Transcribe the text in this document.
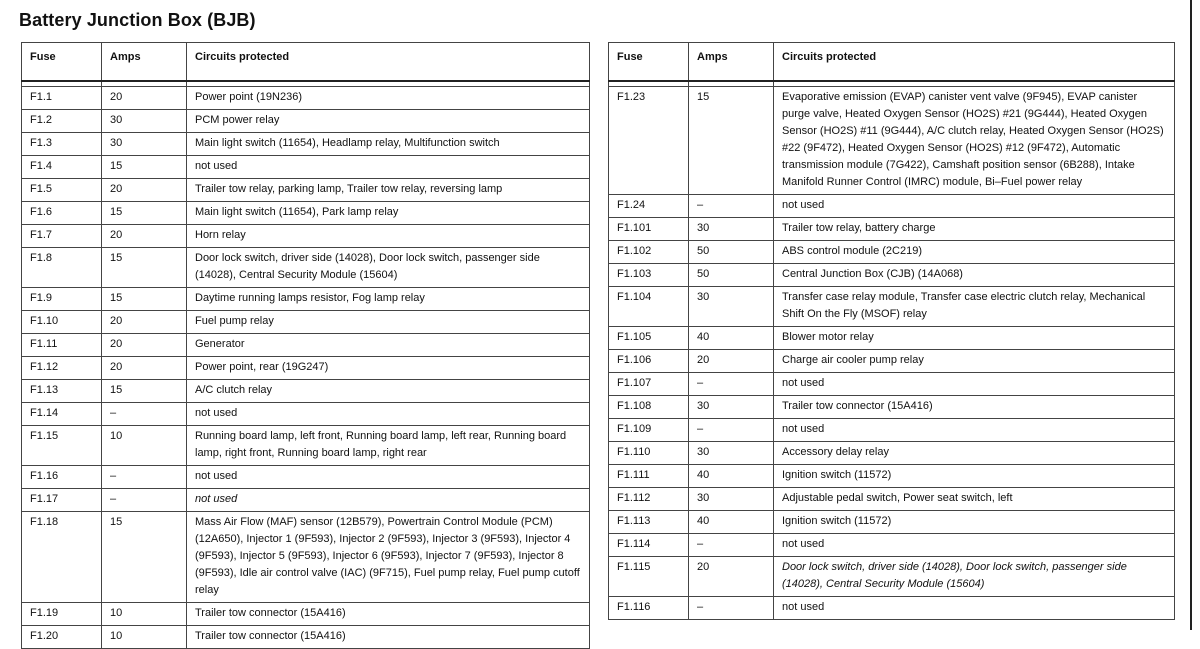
Battery Junction Box (BJB)
Fuse	Amps	Circuits protected

F1.1	20	Power point (19N236)
F1.2	30	PCM power relay
F1.3	30	Main light switch (11654), Headlamp relay, Multifunction switch
F1.4	15	not used
F1.5	20	Trailer tow relay, parking lamp, Trailer tow relay, reversing lamp
F1.6	15	Main light switch (11654), Park lamp relay
F1.7	20	Horn relay
F1.8	15	Door lock switch, driver side (14028), Door lock switch, passenger side (14028), Central Security Module (15604)
F1.9	15	Daytime running lamps resistor, Fog lamp relay
F1.10	20	Fuel pump relay
F1.11	20	Generator
F1.12	20	Power point, rear (19G247)
F1.13	15	A/C clutch relay
F1.14	–	not used
F1.15	10	Running board lamp, left front, Running board lamp, left rear, Running board lamp, right front, Running board lamp, right rear
F1.16	–	not used
F1.17	–	not used
F1.18	15	Mass Air Flow (MAF) sensor (12B579), Powertrain Control Module (PCM) (12A650), Injector 1 (9F593), Injector 2 (9F593), Injector 3 (9F593), Injector 4 (9F593), Injector 5 (9F593), Injector 6 (9F593), Injector 7 (9F593), Injector 8 (9F593), Idle air control valve (IAC) (9F715), Fuel pump relay, Fuel pump cutoff relay
F1.19	10	Trailer tow connector (15A416)
F1.20	10	Trailer tow connector (15A416)
Fuse	Amps	Circuits protected

F1.23	15	Evaporative emission (EVAP) canister vent valve (9F945), EVAP canister purge valve, Heated Oxygen Sensor (HO2S) #21 (9G444), Heated Oxygen Sensor (HO2S) #11 (9G444), A/C clutch relay, Heated Oxygen Sensor (HO2S) #22 (9F472), Heated Oxygen Sensor (HO2S) #12 (9F472), Automatic transmission module (7G422), Camshaft position sensor (6B288), Intake Manifold Runner Control (IMRC) module, Bi–Fuel power relay
F1.24	–	not used
F1.101	30	Trailer tow relay, battery charge
F1.102	50	ABS control module (2C219)
F1.103	50	Central Junction Box (CJB) (14A068)
F1.104	30	Transfer case relay module, Transfer case electric clutch relay, Mechanical Shift On the Fly (MSOF) relay
F1.105	40	Blower motor relay
F1.106	20	Charge air cooler pump relay
F1.107	–	not used
F1.108	30	Trailer tow connector (15A416)
F1.109	–	not used
F1.110	30	Accessory delay relay
F1.111	40	Ignition switch (11572)
F1.112	30	Adjustable pedal switch, Power seat switch, left
F1.113	40	Ignition switch (11572)
F1.114	–	not used
F1.115	20	Door lock switch, driver side (14028), Door lock switch, passenger side (14028), Central Security Module (15604)
F1.116	–	not used
